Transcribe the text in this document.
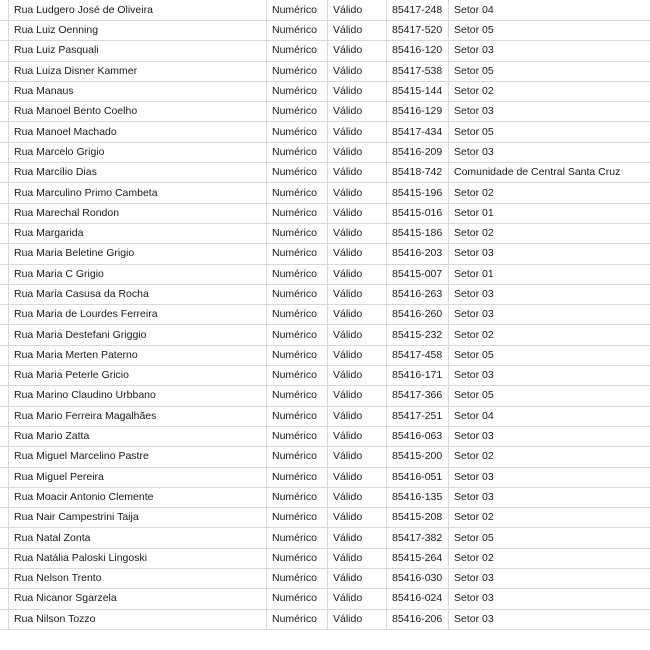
	Rua Ludgero José de Oliveira	Numérico	Válido	85417-248	Setor 04
	Rua Luiz Oenning	Numérico	Válido	85417-520	Setor 05
	Rua Luiz Pasquali	Numérico	Válido	85416-120	Setor 03
	Rua Luiza Disner Kammer	Numérico	Válido	85417-538	Setor 05
	Rua Manaus	Numérico	Válido	85415-144	Setor 02
	Rua Manoel Bento Coelho	Numérico	Válido	85416-129	Setor 03
	Rua Manoel Machado	Numérico	Válido	85417-434	Setor 05
	Rua Marcelo Grigio	Numérico	Válido	85416-209	Setor 03
	Rua Marcílio Dias	Numérico	Válido	85418-742	Comunidade de Central Santa Cruz
	Rua Marculino Primo Cambeta	Numérico	Válido	85415-196	Setor 02
	Rua Marechal Rondon	Numérico	Válido	85415-016	Setor 01
	Rua Margarida	Numérico	Válido	85415-186	Setor 02
	Rua Maria Beletine Grigio	Numérico	Válido	85416-203	Setor 03
	Rua Maria C Grigio	Numérico	Válido	85415-007	Setor 01
	Rua Maria Casusa da Rocha	Numérico	Válido	85416-263	Setor 03
	Rua Maria de Lourdes Ferreira	Numérico	Válido	85416-260	Setor 03
	Rua Maria Destefani Griggio	Numérico	Válido	85415-232	Setor 02
	Rua Maria Merten Paterno	Numérico	Válido	85417-458	Setor 05
	Rua Maria Peterle Gricio	Numérico	Válido	85416-171	Setor 03
	Rua Marino Claudino Urbbano	Numérico	Válido	85417-366	Setor 05
	Rua Mario Ferreira Magalhães	Numérico	Válido	85417-251	Setor 04
	Rua Mario Zatta	Numérico	Válido	85416-063	Setor 03
	Rua Miguel Marcelino Pastre	Numérico	Válido	85415-200	Setor 02
	Rua Miguel Pereira	Numérico	Válido	85416-051	Setor 03
	Rua Moacir Antonio Clemente	Numérico	Válido	85416-135	Setor 03
	Rua Nair Campestrini Taija	Numérico	Válido	85415-208	Setor 02
	Rua Natal Zonta	Numérico	Válido	85417-382	Setor 05
	Rua Natália Paloski Lingoski	Numérico	Válido	85415-264	Setor 02
	Rua Nelson Trento	Numérico	Válido	85416-030	Setor 03
	Rua Nicanor Sgarzela	Numérico	Válido	85416-024	Setor 03
	Rua Nilson Tozzo	Numérico	Válido	85416-206	Setor 03
